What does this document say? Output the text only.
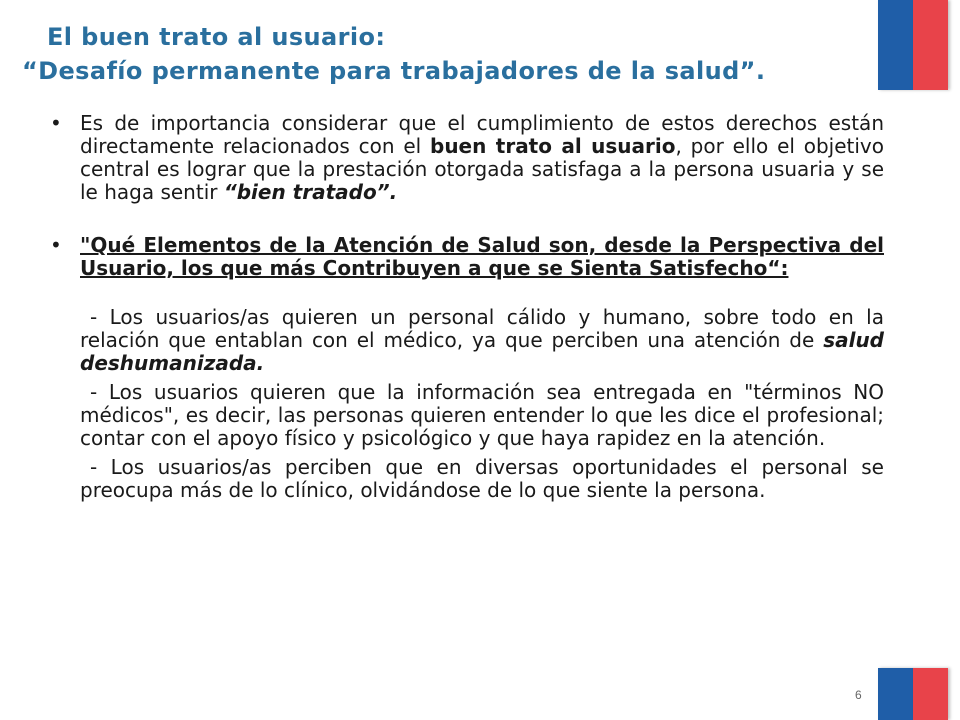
El buen trato al usuario:
“Desafío permanente para trabajadores de la salud”.
• Es de importancia considerar que el cumplimiento de estos derechos están directamente relacionados con el buen trato al usuario, por ello el objetivo central es lograr que la prestación otorgada satisfaga a la persona usuaria y se le haga sentir “bien tratado”.
• "Qué Elementos de la Atención de Salud son, desde la Perspectiva del Usuario, los que más Contribuyen a que se Sienta Satisfecho“:

- Los usuarios/as quieren un personal cálido y humano, sobre todo en la relación que entablan con el médico, ya que perciben una atención de salud deshumanizada.

- Los usuarios quieren que la información sea entregada en "términos NO médicos", es decir, las personas quieren entender lo que les dice el profesional; contar con el apoyo físico y psicológico y que haya rapidez en la atención.

- Los usuarios/as perciben que en diversas oportunidades el personal se preocupa más de lo clínico, olvidándose de lo que siente la persona.

6
